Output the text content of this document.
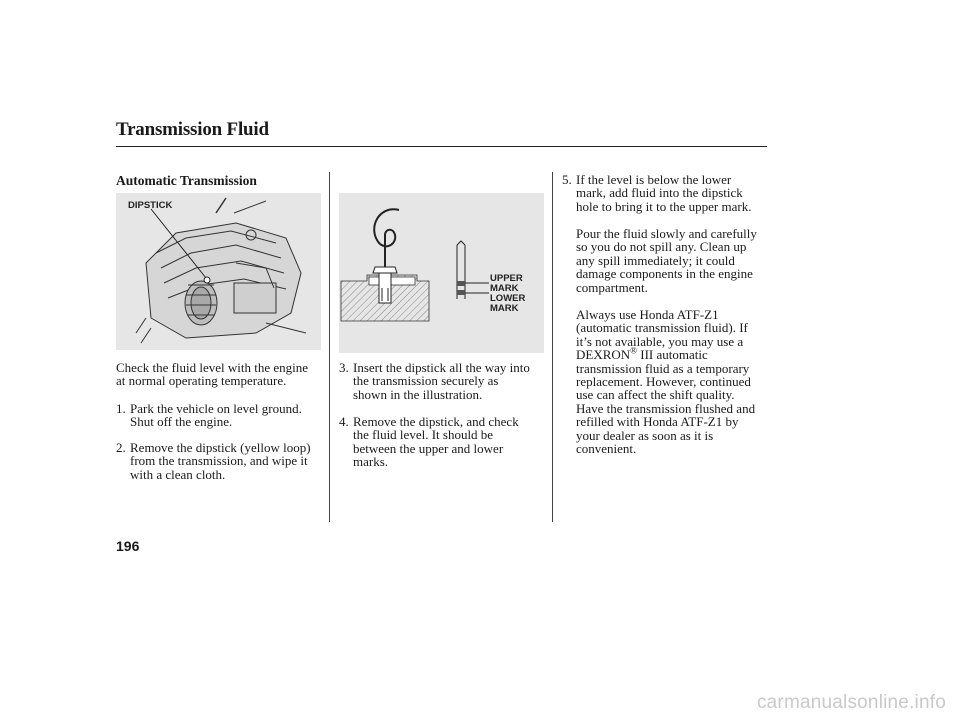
Transmission Fluid
Automatic Transmission
DIPSTICK
UPPER
MARK
LOWER
MARK
Check the fluid level with the engine
at normal operating temperature.
1. Park the vehicle on level ground.
Shut off the engine.
2. Remove the dipstick (yellow loop)
from the transmission, and wipe it
with a clean cloth.
3. Insert the dipstick all the way into
the transmission securely as
shown in the illustration.
4. Remove the dipstick, and check
the fluid level. It should be
between the upper and lower
marks.
5. If the level is below the lower
mark, add fluid into the dipstick
hole to bring it to the upper mark.
Pour the fluid slowly and carefully
so you do not spill any. Clean up
any spill immediately; it could
damage components in the engine
compartment.
Always use Honda ATF-Z1
(automatic transmission fluid). If
it’s not available, you may use a
DEXRON® III automatic
transmission fluid as a temporary
replacement. However, continued
use can affect the shift quality.
Have the transmission flushed and
refilled with Honda ATF-Z1 by
your dealer as soon as it is
convenient.
196
carmanualsonline.info
